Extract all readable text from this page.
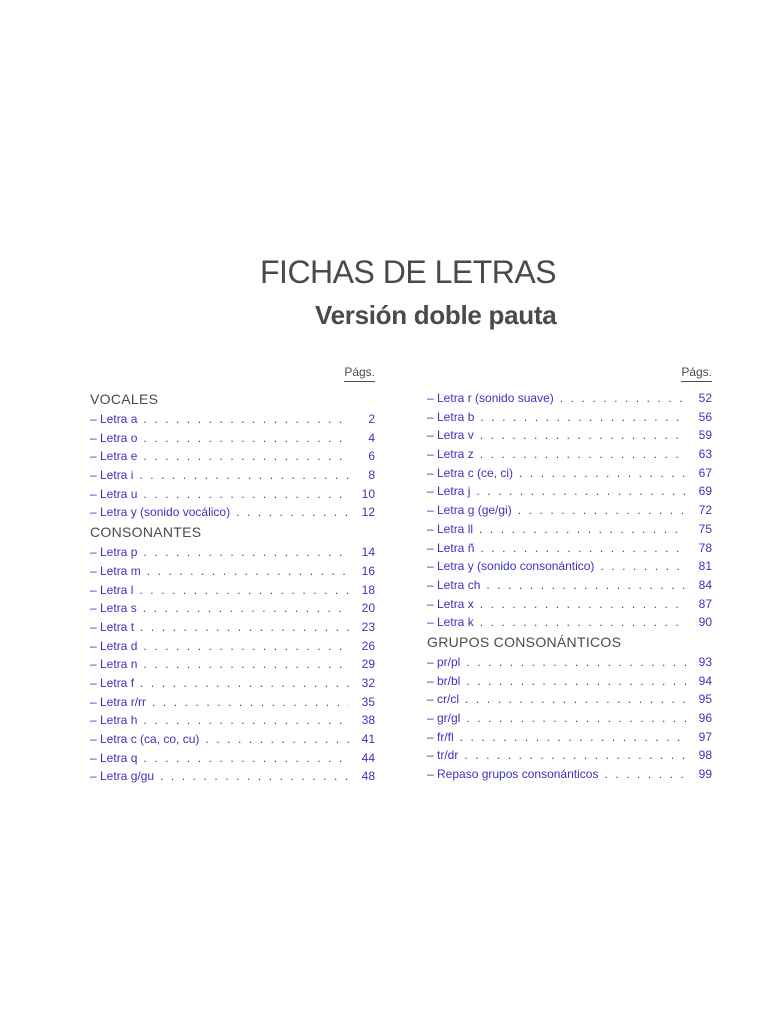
FICHAS DE LETRAS
Versión doble pauta
Págs.
VOCALES
– Letra a . . .	2
– Letra o . . .	4
– Letra e . . .	6
– Letra i . . .	8
– Letra u . . .	10
– Letra y (sonido vocálico) . . .	12
CONSONANTES
– Letra p . . .	14
– Letra m . . .	16
– Letra l . . .	18
– Letra s . . .	20
– Letra t . . .	23
– Letra d . . .	26
– Letra n . . .	29
– Letra f . . .	32
– Letra r/rr . . .	35
– Letra h . . .	38
– Letra c (ca, co, cu) . . .	41
– Letra q . . .	44
– Letra g/gu . . .	48
Págs.
– Letra r (sonido suave) . . .	52
– Letra b . . .	56
– Letra v . . .	59
– Letra z . . .	63
– Letra c (ce, ci) . . .	67
– Letra j . . .	69
– Letra g (ge/gi) . . .	72
– Letra ll . . .	75
– Letra ñ . . .	78
– Letra y (sonido consonántico) . . .	81
– Letra ch . . .	84
– Letra x . . .	87
– Letra k . . .	90
GRUPOS CONSONÁNTICOS
– pr/pl . . .	93
– br/bl . . .	94
– cr/cl . . .	95
– gr/gl . . .	96
– fr/fl . . .	97
– tr/dr . . .	98
– Repaso grupos consonánticos . . .	99
